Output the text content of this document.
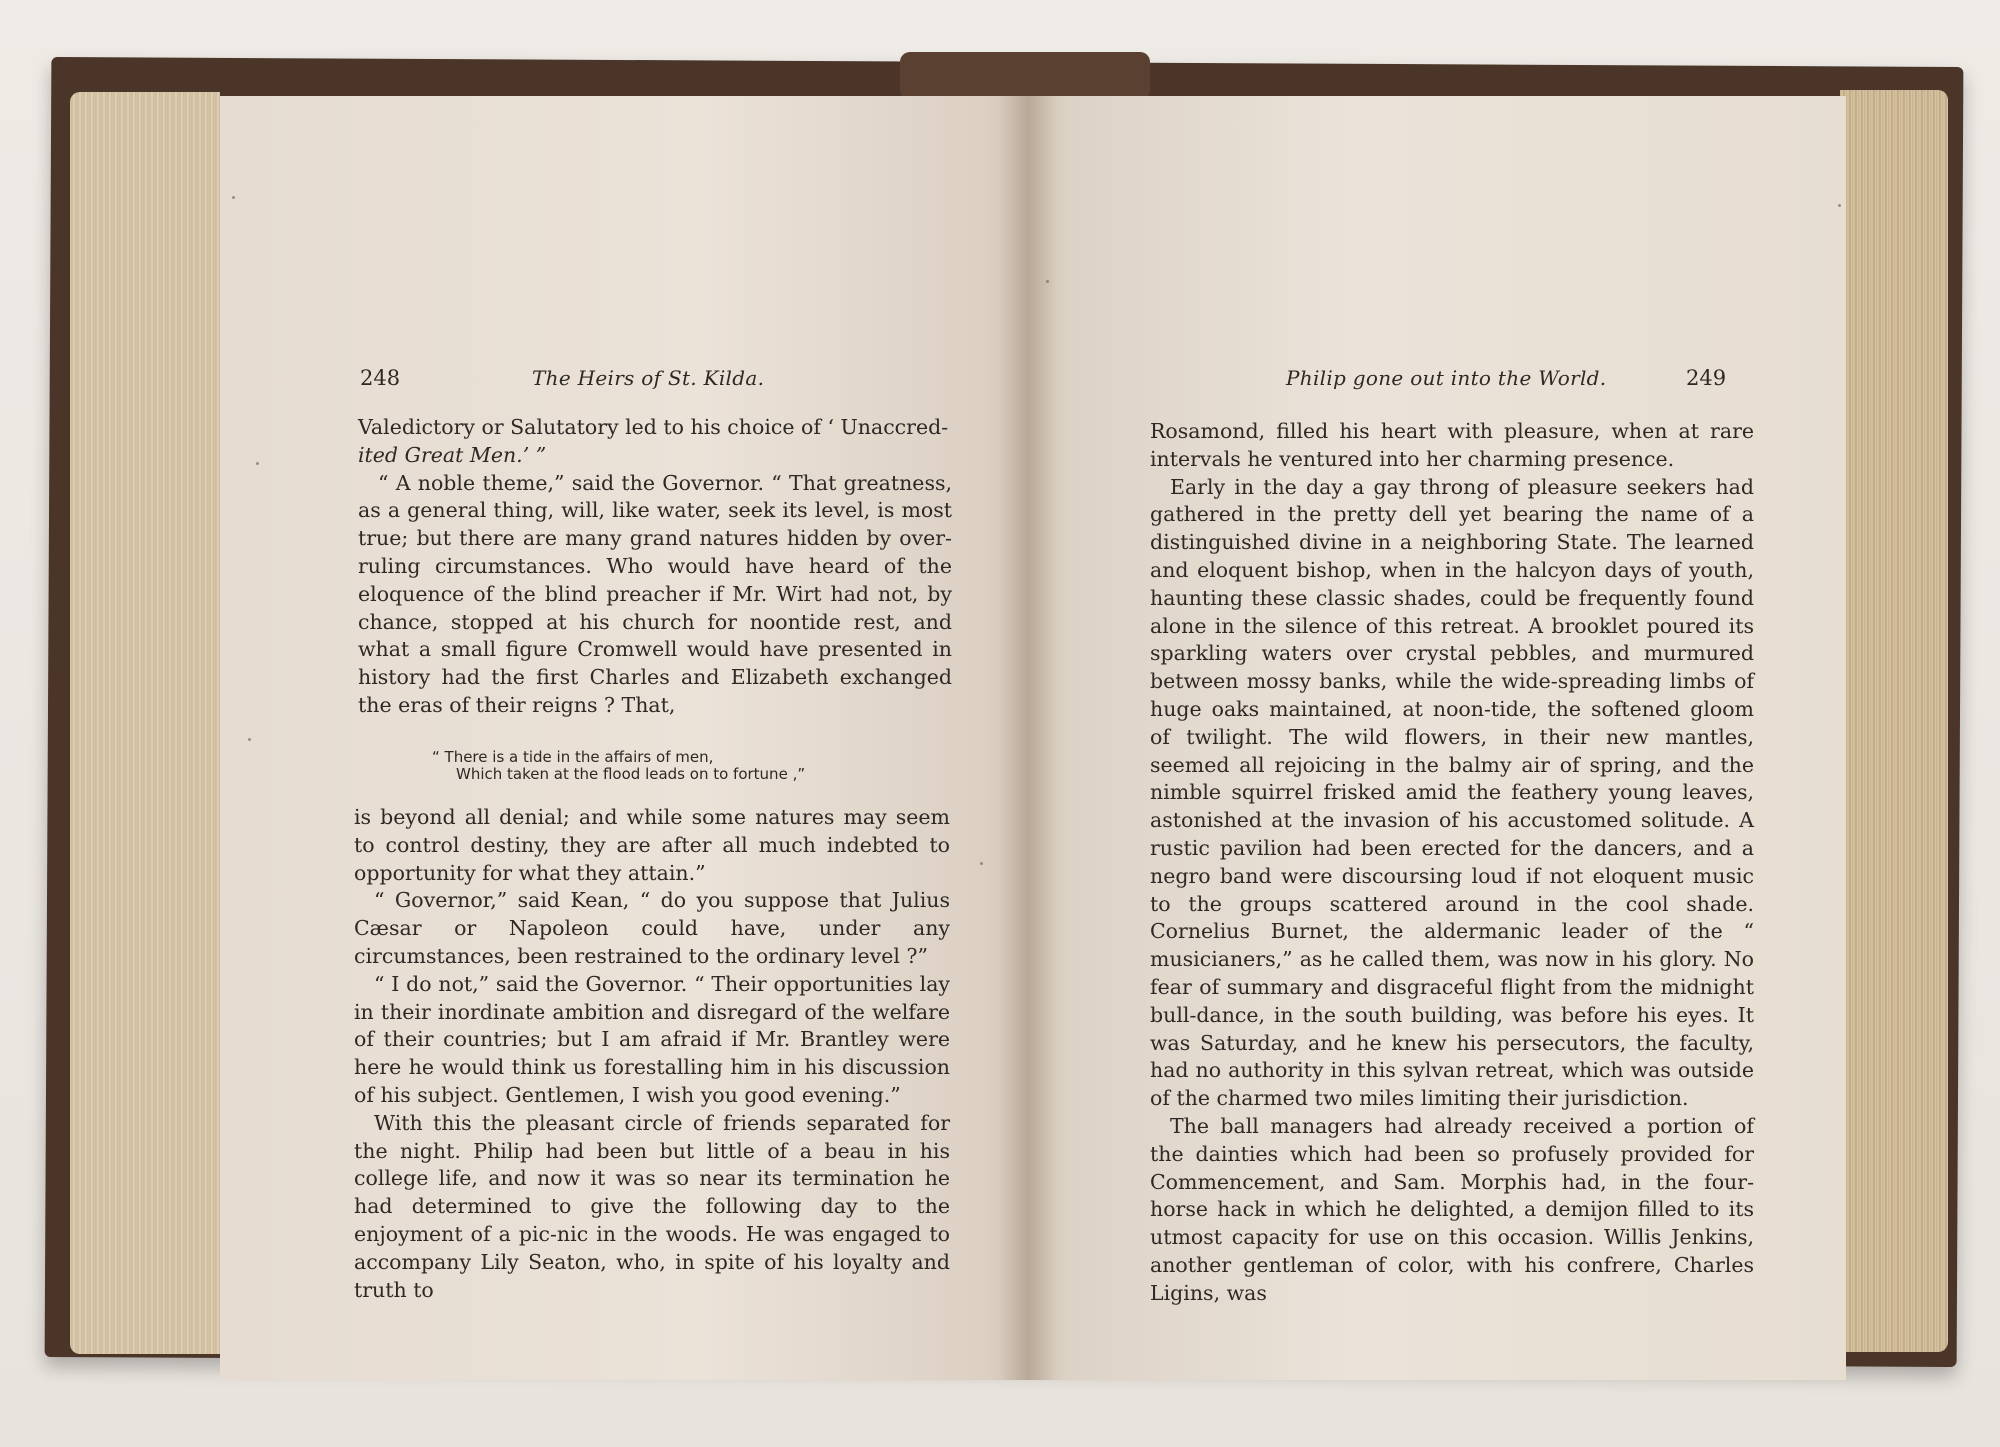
248	The Heirs of St. Kilda.

Valedictory or Salutatory led to his choice of ‘ Unaccred-

ited Great Men.’ ”

“ A noble theme,” said the Governor. “ That greatness, as a general thing, will, like water, seek its level, is most true; but there are many grand natures hidden by over-ruling circumstances. Who would have heard of the eloquence of the blind preacher if Mr. Wirt had not, by chance, stopped at his church for noontide rest, and what a small figure Cromwell would have presented in history had the first Charles and Elizabeth exchanged the eras of their reigns ? That,

“ There is a tide in the affairs of men,
Which taken at the flood leads on to fortune ,”

is beyond all denial; and while some natures may seem to control destiny, they are after all much indebted to opportunity for what they attain.”

“ Governor,” said Kean, “ do you suppose that Julius Cæsar or Napoleon could have, under any circumstances, been restrained to the ordinary level ?”

“ I do not,” said the Governor. “ Their opportunities lay in their inordinate ambition and disregard of the welfare of their countries; but I am afraid if Mr. Brantley were here he would think us forestalling him in his discussion of his subject. Gentlemen, I wish you good evening.”

With this the pleasant circle of friends separated for the night. Philip had been but little of a beau in his college life, and now it was so near its termination he had determined to give the following day to the enjoyment of a pic-nic in the woods. He was engaged to accompany Lily Seaton, who, in spite of his loyalty and truth to

Philip gone out into the World.	249

Rosamond, filled his heart with pleasure, when at rare intervals he ventured into her charming presence.

Early in the day a gay throng of pleasure seekers had gathered in the pretty dell yet bearing the name of a distinguished divine in a neighboring State. The learned and eloquent bishop, when in the halcyon days of youth, haunting these classic shades, could be frequently found alone in the silence of this retreat. A brooklet poured its sparkling waters over crystal pebbles, and murmured between mossy banks, while the wide-spreading limbs of huge oaks maintained, at noon-tide, the softened gloom of twilight. The wild flowers, in their new mantles, seemed all rejoicing in the balmy air of spring, and the nimble squirrel frisked amid the feathery young leaves, astonished at the invasion of his accustomed solitude. A rustic pavilion had been erected for the dancers, and a negro band were discoursing loud if not eloquent music to the groups scattered around in the cool shade. Cornelius Burnet, the aldermanic leader of the “ musicianers,” as he called them, was now in his glory. No fear of summary and disgraceful flight from the midnight bull-dance, in the south building, was before his eyes. It was Saturday, and he knew his persecutors, the faculty, had no authority in this sylvan retreat, which was outside of the charmed two miles limiting their jurisdiction.

The ball managers had already received a portion of the dainties which had been so profusely provided for Commencement, and Sam. Morphis had, in the four-horse hack in which he delighted, a demijon filled to its utmost capacity for use on this occasion. Willis Jenkins, another gentleman of color, with his confrere, Charles Ligins, was
